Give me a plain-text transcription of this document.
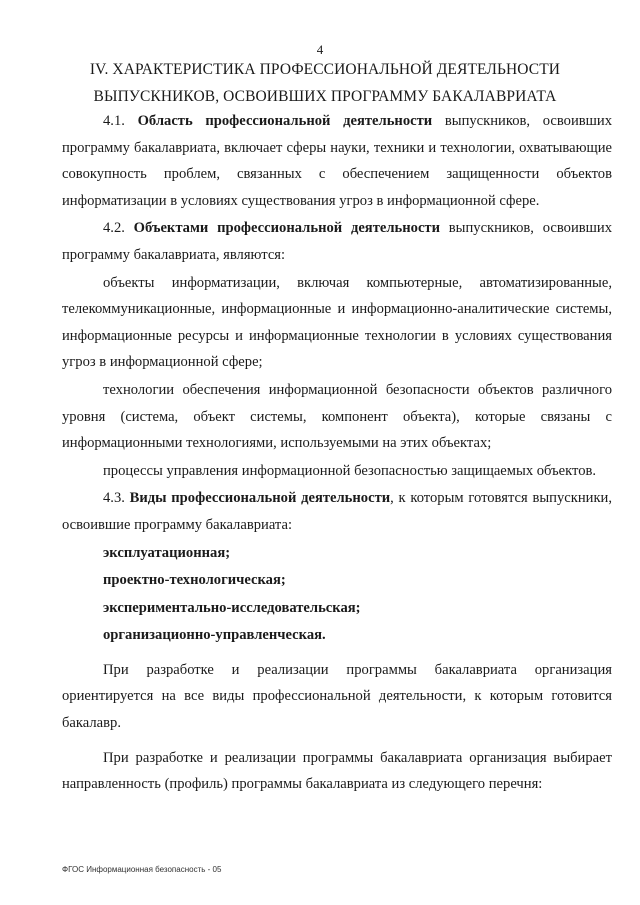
4
IV. ХАРАКТЕРИСТИКА ПРОФЕССИОНАЛЬНОЙ ДЕЯТЕЛЬНОСТИ
ВЫПУСКНИКОВ, ОСВОИВШИХ ПРОГРАММУ БАКАЛАВРИАТА

4.1. Область профессиональной деятельности выпускников, освоивших программу бакалавриата, включает сферы науки, техники и технологии, охватывающие совокупность проблем, связанных с обеспечением защищенности объектов информатизации в условиях существования угроз в информационной сфере.

4.2. Объектами профессиональной деятельности выпускников, освоивших программу бакалавриата, являются:

объекты информатизации, включая компьютерные, автоматизированные, телекоммуникационные, информационные и информационно-аналитические системы, информационные ресурсы и информационные технологии в условиях существования угроз в информационной сфере;

технологии обеспечения информационной безопасности объектов различного уровня (система, объект системы, компонент объекта), которые связаны с информационными технологиями, используемыми на этих объектах;

процессы управления информационной безопасностью защищаемых объектов.

4.3. Виды профессиональной деятельности, к которым готовятся выпускники, освоившие программу бакалавриата:

эксплуатационная;

проектно-технологическая;

экспериментально-исследовательская;

организационно-управленческая.

При разработке и реализации программы бакалавриата организация ориентируется на все виды профессиональной деятельности, к которым готовится бакалавр.

При разработке и реализации программы бакалавриата организация выбирает направленность (профиль) программы бакалавриата из следующего перечня:

ФГОС Информационная безопасность - 05
